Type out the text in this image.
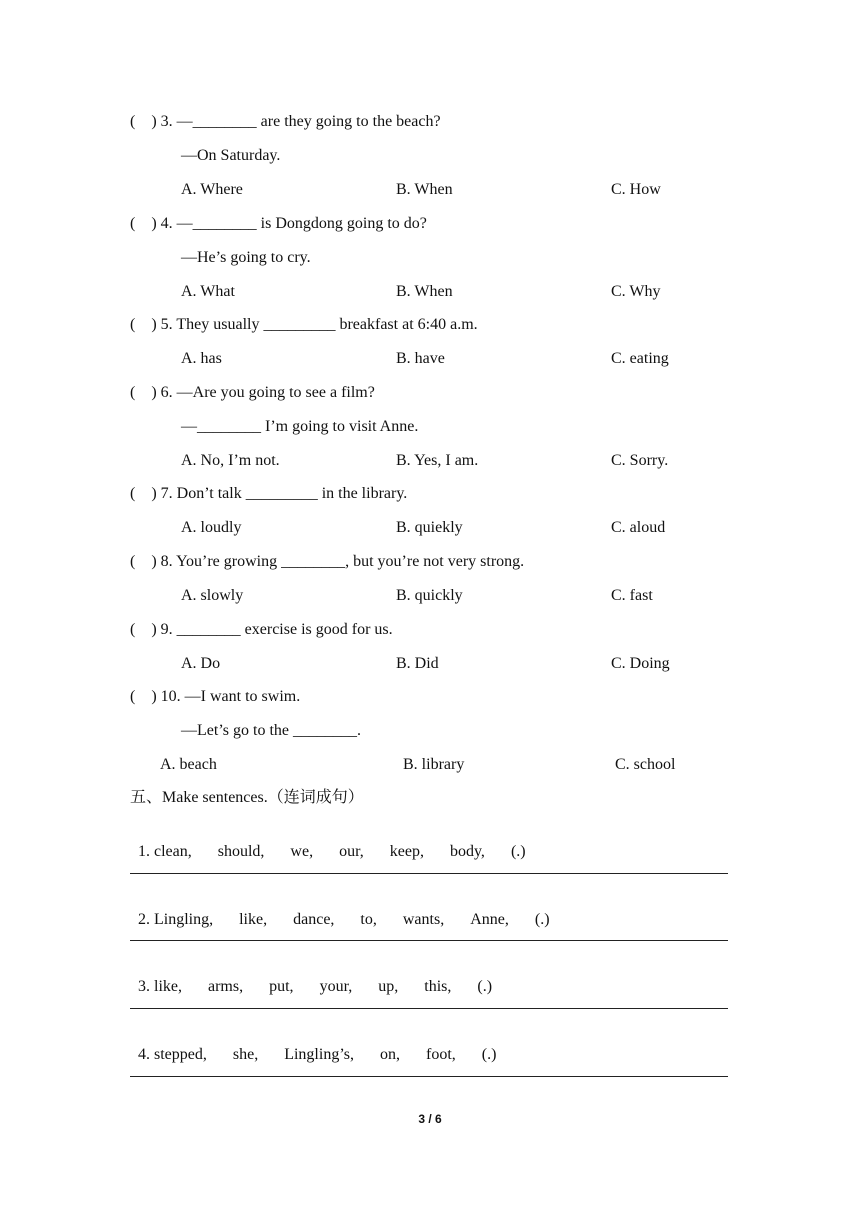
(    ) 3. —________ are they going to the beach?
—On Saturday.
A. Where	B. When	C. How
(    ) 4. —________ is Dongdong going to do?
—He’s going to cry.
A. What	B. When	C. Why
(    ) 5. They usually _________ breakfast at 6:40 a.m.
A. has	B. have	C. eating
(    ) 6. —Are you going to see a film?
—________ I’m going to visit Anne.
A. No, I’m not.	B. Yes, I am.	C. Sorry.
(    ) 7. Don’t talk _________ in the library.
A. loudly	B. quiekly	C. aloud
(    ) 8. You’re growing ________, but you’re not very strong.
A. slowly	B. quickly	C. fast
(    ) 9. ________ exercise is good for us.
A. Do	B. Did	C. Doing
(    ) 10. —I want to swim.
—Let’s go to the ________.
A. beach	B. library	C. school
五、Make sentences.（连词成句）

1. clean, should, we, our, keep, body, (.)

2. Lingling, like, dance, to, wants, Anne, (.)

3. like, arms, put, your, up, this, (.)

4. stepped, she, Lingling’s, on, foot, (.)

3 / 6
